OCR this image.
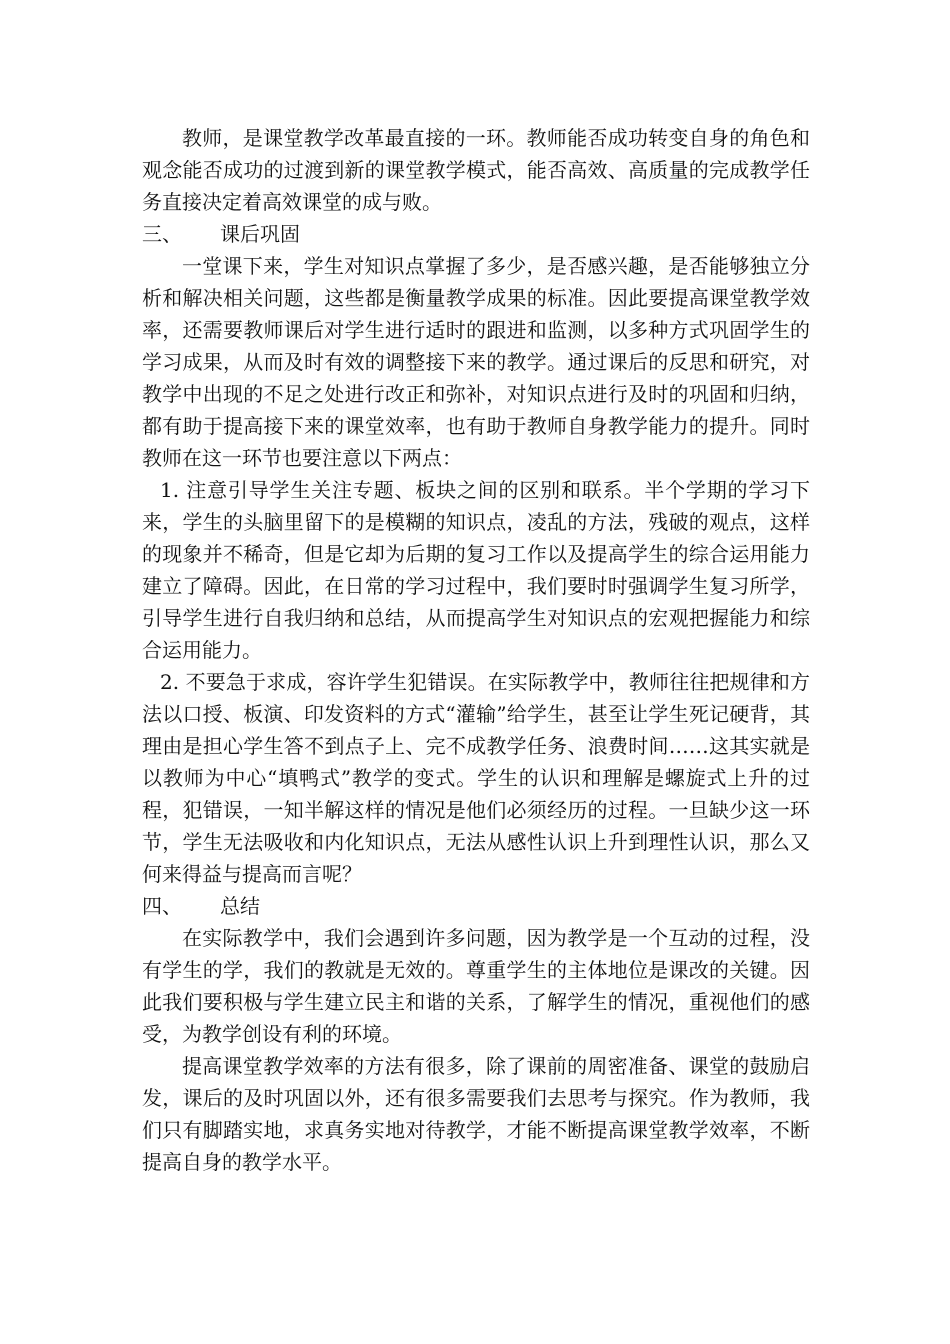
教师，是课堂教学改革最直接的一环。教师能否成功转变自身的角色和观念能否成功的过渡到新的课堂教学模式，能否高效、高质量的完成教学任务直接决定着高效课堂的成与败。

三、	课后巩固

一堂课下来，学生对知识点掌握了多少，是否感兴趣，是否能够独立分析和解决相关问题，这些都是衡量教学成果的标准。因此要提高课堂教学效率，还需要教师课后对学生进行适时的跟进和监测，以多种方式巩固学生的学习成果，从而及时有效的调整接下来的教学。通过课后的反思和研究，对教学中出现的不足之处进行改正和弥补，对知识点进行及时的巩固和归纳，都有助于提高接下来的课堂效率，也有助于教师自身教学能力的提升。同时教师在这一环节也要注意以下两点：

1. 注意引导学生关注专题、板块之间的区别和联系。半个学期的学习下来，学生的头脑里留下的是模糊的知识点，凌乱的方法，残破的观点，这样的现象并不稀奇，但是它却为后期的复习工作以及提高学生的综合运用能力建立了障碍。因此，在日常的学习过程中，我们要时时强调学生复习所学，引导学生进行自我归纳和总结，从而提高学生对知识点的宏观把握能力和综合运用能力。

2. 不要急于求成，容许学生犯错误。在实际教学中，教师往往把规律和方法以口授、板演、印发资料的方式“灌输”给学生，甚至让学生死记硬背，其理由是担心学生答不到点子上、完不成教学任务、浪费时间……这其实就是以教师为中心“填鸭式”教学的变式。学生的认识和理解是螺旋式上升的过程，犯错误，一知半解这样的情况是他们必须经历的过程。一旦缺少这一环节，学生无法吸收和内化知识点，无法从感性认识上升到理性认识，那么又何来得益与提高而言呢？

四、	总结

在实际教学中，我们会遇到许多问题，因为教学是一个互动的过程，没有学生的学，我们的教就是无效的。尊重学生的主体地位是课改的关键。因此我们要积极与学生建立民主和谐的关系，了解学生的情况，重视他们的感受，为教学创设有利的环境。

提高课堂教学效率的方法有很多，除了课前的周密准备、课堂的鼓励启发，课后的及时巩固以外，还有很多需要我们去思考与探究。作为教师，我们只有脚踏实地，求真务实地对待教学，才能不断提高课堂教学效率，不断提高自身的教学水平。
